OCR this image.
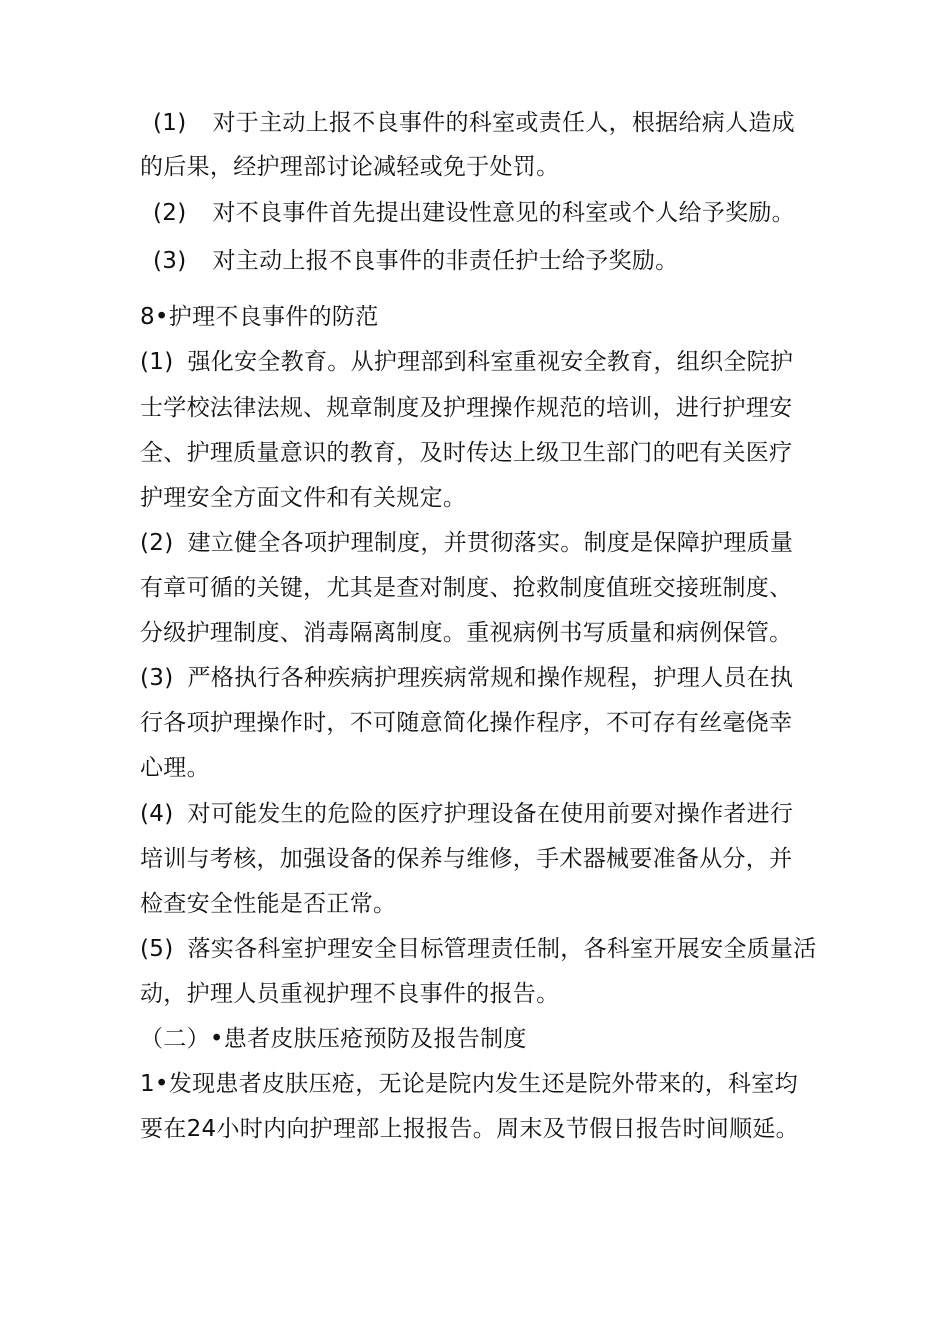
(1) 对于主动上报不良事件的科室或责任人，根据给病人造成
的后果，经护理部讨论减轻或免于处罚。
(2) 对不良事件首先提出建设性意见的科室或个人给予奖励。
(3) 对主动上报不良事件的非责任护士给予奖励。
8•护理不良事件的防范
(1) 强化安全教育。从护理部到科室重视安全教育，组织全院护
士学校法律法规、规章制度及护理操作规范的培训，进行护理安
全、护理质量意识的教育，及时传达上级卫生部门的吧有关医疗
护理安全方面文件和有关规定。
(2) 建立健全各项护理制度，并贯彻落实。制度是保障护理质量
有章可循的关键，尤其是查对制度、抢救制度值班交接班制度、
分级护理制度、消毒隔离制度。重视病例书写质量和病例保管。
(3) 严格执行各种疾病护理疾病常规和操作规程，护理人员在执
行各项护理操作时，不可随意简化操作程序，不可存有丝毫侥幸
心理。
(4) 对可能发生的危险的医疗护理设备在使用前要对操作者进行
培训与考核，加强设备的保养与维修，手术器械要准备从分，并
检查安全性能是否正常。
(5) 落实各科室护理安全目标管理责任制，各科室开展安全质量活
动，护理人员重视护理不良事件的报告。
（二）•患者皮肤压疮预防及报告制度
1•发现患者皮肤压疮，无论是院内发生还是院外带来的，科室均
要在24小时内向护理部上报报告。周末及节假日报告时间顺延。
